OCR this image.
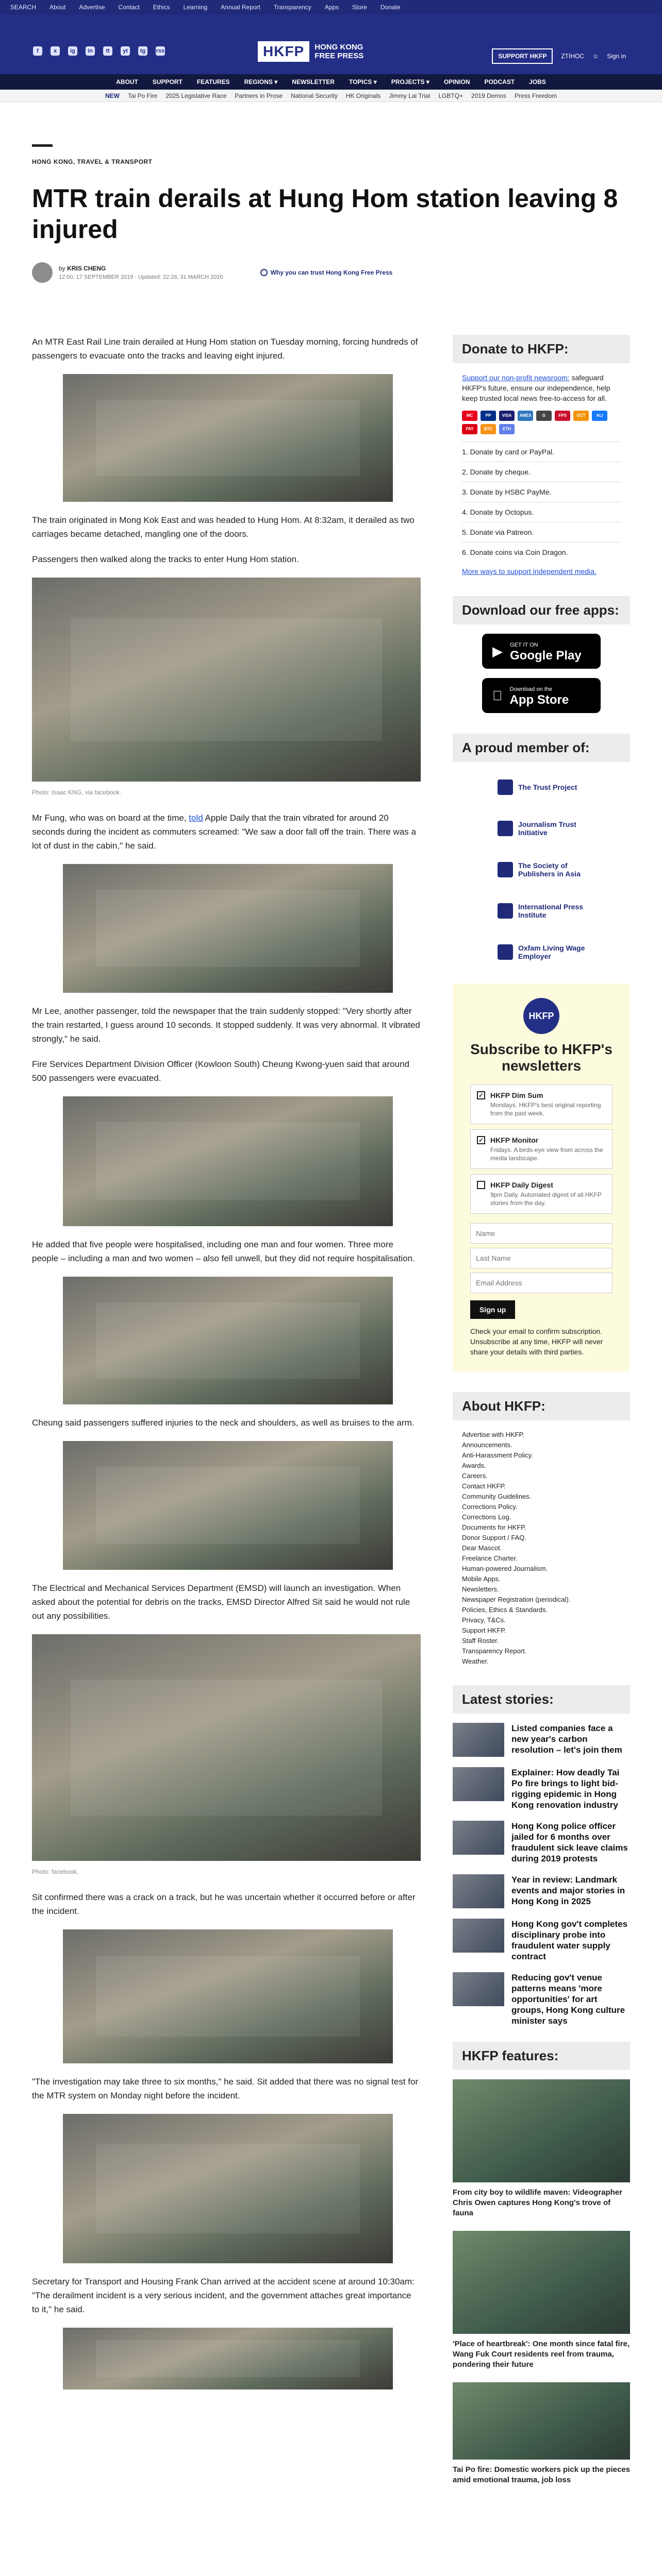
SEARCH About Advertise Contact Ethics Learning Annual Report Transparency Apps Store Donate
f	x	ig	in	tt	yt	tg	rss	HKFP	HONG KONG
FREE PRESS	SUPPORT HKFP	ZTIHOC ☺ Sign in
ABOUT SUPPORT FEATURES REGIONS ▾ NEWSLETTER TOPICS ▾ PROJECTS ▾ OPINION PODCAST JOBS
NEW Tai Po Fire 2025 Legislative Race Partners in Prose National Security HK Originals Jimmy Lai Trial LGBTQ+ 2019 Demos Press Freedom
HONG KONG, TRAVEL & TRANSPORT
MTR train derails at Hung Hom station leaving 8 injured
by KRIS CHENG
12:00, 17 SEPTEMBER 2019 · Updated: 22:26, 31 MARCH 2020
Why you can trust Hong Kong Free Press

An MTR East Rail Line train derailed at Hung Hom station on Tuesday morning, forcing hundreds of passengers to evacuate onto the tracks and leaving eight injured.

The train originated in Mong Kok East and was headed to Hung Hom. At 8:32am, it derailed as two carriages became detached, mangling one of the doors.

Passengers then walked along the tracks to enter Hung Hom station.

Photo: Isaac KNG, via facebook.

Mr Fung, who was on board at the time, told Apple Daily that the train vibrated for around 20 seconds during the incident as commuters screamed: "We saw a door fall off the train. There was a lot of dust in the cabin," he said.

Mr Lee, another passenger, told the newspaper that the train suddenly stopped: "Very shortly after the train restarted, I guess around 10 seconds. It stopped suddenly. It was very abnormal. It vibrated strongly," he said.

Fire Services Department Division Officer (Kowloon South) Cheung Kwong-yuen said that around 500 passengers were evacuated.

He added that five people were hospitalised, including one man and four women. Three more people – including a man and two women – also fell unwell, but they did not require hospitalisation.

Cheung said passengers suffered injuries to the neck and shoulders, as well as bruises to the arm.

The Electrical and Mechanical Services Department (EMSD) will launch an investigation. When asked about the potential for debris on the tracks, EMSD Director Alfred Sit said he would not rule out any possibilities.

Photo: facebook.

Sit confirmed there was a crack on a track, but he was uncertain whether it occurred before or after the incident.

"The investigation may take three to six months," he said. Sit added that there was no signal test for the MTR system on Monday night before the incident.

Secretary for Transport and Housing Frank Chan arrived at the accident scene at around 10:30am: "The derailment incident is a very serious incident, and the government attaches great importance to it," he said.

Donate to HKFP:
Support our non-profit newsroom: safeguard HKFP's future, ensure our independence, help keep trusted local news free-to-access for all.
MC	PP	VISA	AMEX	G	FPS	OCT	ALI
PAY	BTC	ETH
1. Donate by card or PayPal.
2. Donate by cheque.
3. Donate by HSBC PayMe.
4. Donate by Octopus.
5. Donate via Patreon.
6. Donate coins via Coin Dragon.
More ways to support independent media.
Download our free apps:
▶ GET IT ON
Google Play
Download on the
App Store
A proud member of:
The Trust Project
Journalism Trust Initiative
The Society of Publishers in Asia
International Press Institute
Oxfam Living Wage Employer
HKFP
Subscribe to HKFP's newsletters
✓ HKFP Dim Sum
Mondays. HKFP's best original reporting from the past week.
✓ HKFP Monitor
Fridays. A birds-eye view from across the media landscape.
HKFP Daily Digest
9pm Daily. Automated digest of all HKFP stories from the day.
Name Last Name Email Address Sign up
Check your email to confirm subscription. Unsubscribe at any time, HKFP will never share your details with third parties.
About HKFP:
Advertise with HKFP.
Announcements.
Anti-Harassment Policy.
Awards.
Careers.
Contact HKFP.
Community Guidelines.
Corrections Policy.
Corrections Log.
Documents for HKFP.
Donor Support / FAQ.
Dear Mascot.
Freelance Charter.
Human-powered Journalism.
Mobile Apps.
Newsletters.
Newspaper Registration (periodical).
Policies, Ethics & Standards.
Privacy, T&Cs.
Support HKFP.
Staff Roster.
Transparency Report.
Weather.
Latest stories:
Listed companies face a new year's carbon resolution – let's join them
Explainer: How deadly Tai Po fire brings to light bid-rigging epidemic in Hong Kong renovation industry
Hong Kong police officer jailed for 6 months over fraudulent sick leave claims during 2019 protests
Year in review: Landmark events and major stories in Hong Kong in 2025
Hong Kong gov't completes disciplinary probe into fraudulent water supply contract
Reducing gov't venue patterns means 'more opportunities' for art groups, Hong Kong culture minister says
HKFP features:
From city boy to wildlife maven: Videographer Chris Owen captures Hong Kong's trove of fauna
'Place of heartbreak': One month since fatal fire, Wang Fuk Court residents reel from trauma, pondering their future
Tai Po fire: Domestic workers pick up the pieces amid emotional trauma, job loss
